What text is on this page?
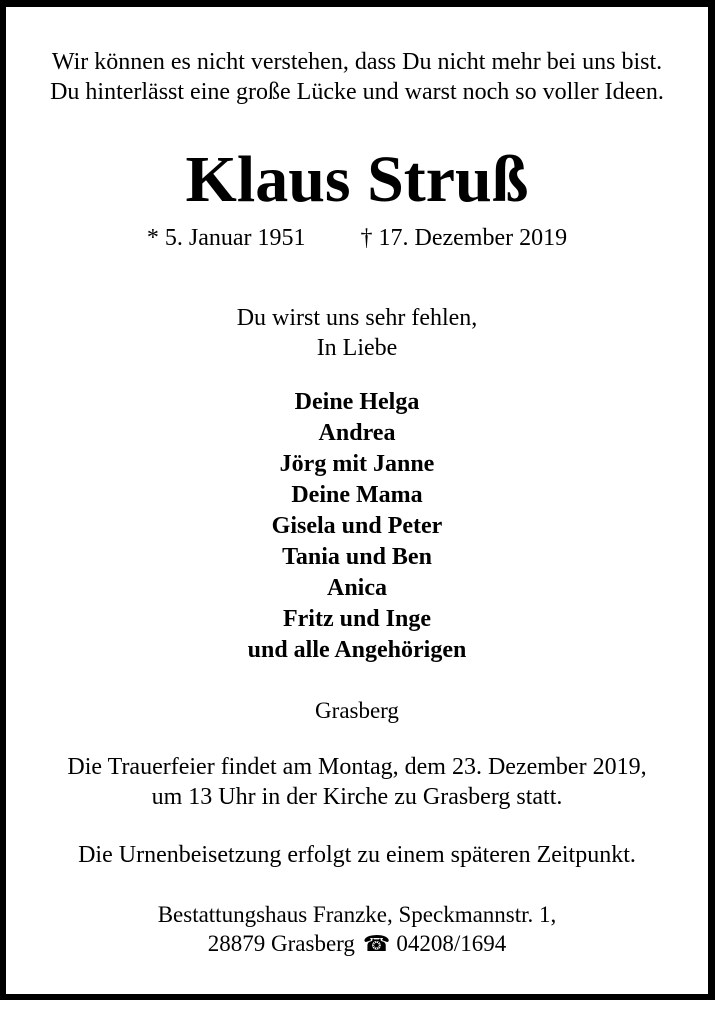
Wir können es nicht verstehen, dass Du nicht mehr bei uns bist.
Du hinterlässt eine große Lücke und warst noch so voller Ideen.
Klaus Struß
* 5. Januar 1951 † 17. Dezember 2019
Du wirst uns sehr fehlen,
In Liebe
Deine Helga
Andrea
Jörg mit Janne
Deine Mama
Gisela und Peter
Tania und Ben
Anica
Fritz und Inge
und alle Angehörigen
Grasberg
Die Trauerfeier findet am Montag, dem 23. Dezember 2019,
um 13 Uhr in der Kirche zu Grasberg statt.
Die Urnenbeisetzung erfolgt zu einem späteren Zeitpunkt.
Bestattungshaus Franzke, Speckmannstr. 1,
28879 Grasberg ☎ 04208/1694
